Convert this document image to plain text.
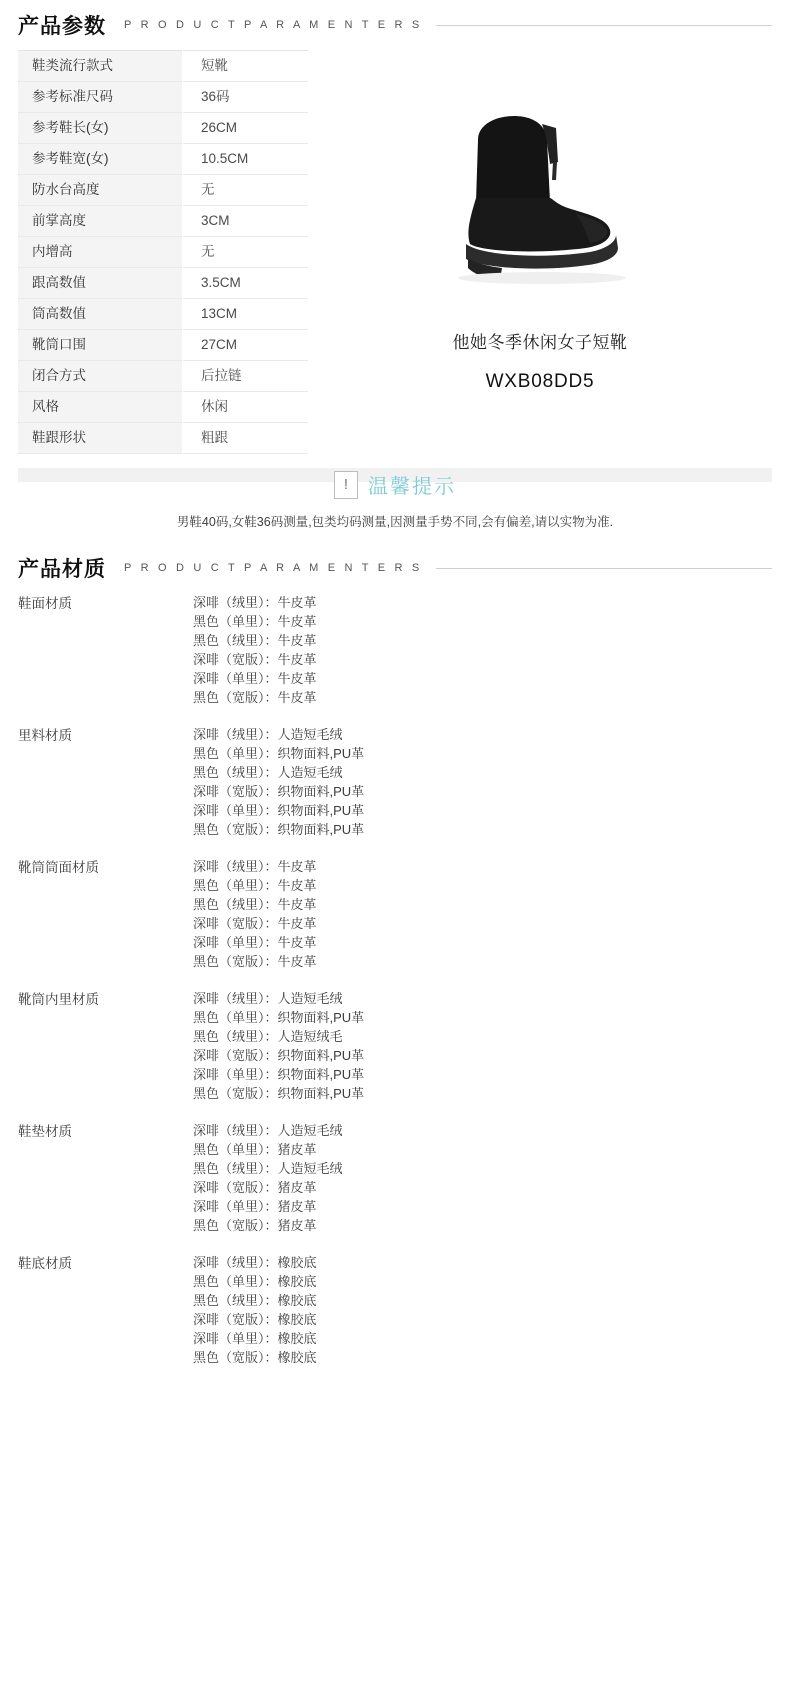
产品参数 P R O D U C T P A R A M E N T E R S
鞋类流行款式	短靴
参考标准尺码	36码
参考鞋长(女)	26CM
参考鞋宽(女)	10.5CM
防水台高度	无
前掌高度	3CM
内增高	无
跟高数值	3.5CM
筒高数值	13CM
靴筒口围	27CM
闭合方式	后拉链
风格	休闲
鞋跟形状	粗跟
他她冬季休闲女子短靴
WXB08DD5
! 温馨提示
男鞋40码,女鞋36码测量,包类均码测量,因测量手势不同,会有偏差,请以实物为准.
产品材质 P R O D U C T P A R A M E N T E R S
鞋面材质	深啡（绒里）：牛皮革
黑色（单里）：牛皮革
黑色（绒里）：牛皮革
深啡（宽版）：牛皮革
深啡（单里）：牛皮革
黑色（宽版）：牛皮革
里料材质	深啡（绒里）：人造短毛绒
黑色（单里）：织物面料,PU革
黑色（绒里）：人造短毛绒
深啡（宽版）：织物面料,PU革
深啡（单里）：织物面料,PU革
黑色（宽版）：织物面料,PU革
靴筒筒面材质	深啡（绒里）：牛皮革
黑色（单里）：牛皮革
黑色（绒里）：牛皮革
深啡（宽版）：牛皮革
深啡（单里）：牛皮革
黑色（宽版）：牛皮革
靴筒内里材质	深啡（绒里）：人造短毛绒
黑色（单里）：织物面料,PU革
黑色（绒里）：人造短绒毛
深啡（宽版）：织物面料,PU革
深啡（单里）：织物面料,PU革
黑色（宽版）：织物面料,PU革
鞋垫材质	深啡（绒里）：人造短毛绒
黑色（单里）：猪皮革
黑色（绒里）：人造短毛绒
深啡（宽版）：猪皮革
深啡（单里）：猪皮革
黑色（宽版）：猪皮革
鞋底材质	深啡（绒里）：橡胶底
黑色（单里）：橡胶底
黑色（绒里）：橡胶底
深啡（宽版）：橡胶底
深啡（单里）：橡胶底
黑色（宽版）：橡胶底
